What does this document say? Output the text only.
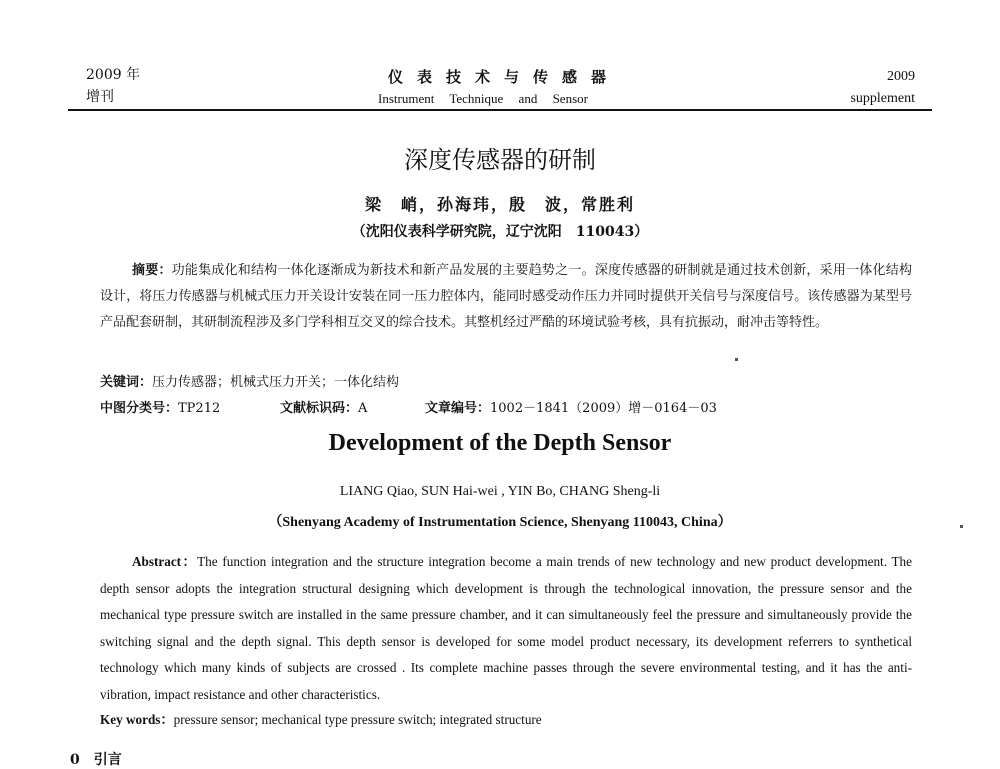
2009 年
增刊
仪表技术与传感器
Instrument Technique and Sensor
2009
supplement
深度传感器的研制
梁　峭，孙海玮，殷　波，常胜利
（沈阳仪表科学研究院，辽宁沈阳　110043）
摘要：功能集成化和结构一体化逐渐成为新技术和新产品发展的主要趋势之一。深度传感器的研制就是通过技术创新，采用一体化结构设计，将压力传感器与机械式压力开关设计安装在同一压力腔体内，能同时感受动作压力并同时提供开关信号与深度信号。该传感器为某型号产品配套研制，其研制流程涉及多门学科相互交叉的综合技术。其整机经过严酷的环境试验考核，具有抗振动，耐冲击等特性。
关键词：压力传感器；机械式压力开关；一体化结构
中图分类号：TP212	文献标识码：A	文章编号：1002－1841（2009）增－0164－03
Development of the Depth Sensor
LIANG Qiao, SUN Hai-wei , YIN Bo, CHANG Sheng-li
（Shenyang Academy of Instrumentation Science, Shenyang 110043, China）
Abstract：The function integration and the structure integration become a main trends of new technology and new product development. The depth sensor adopts the integration structural designing which development is through the technological innovation, the pressure sensor and the mechanical type pressure switch are installed in the same pressure chamber, and it can simultaneously feel the pressure and simultaneously provide the switching signal and the depth signal. This depth sensor is developed for some model product necessary, its development referrers to synthetical technology which many kinds of subjects are crossed . Its complete machine passes through the severe environmental testing, and it has the anti-vibration, impact resistance and other characteristics.
Key words：pressure sensor; mechanical type pressure switch; integrated structure
0　引言
